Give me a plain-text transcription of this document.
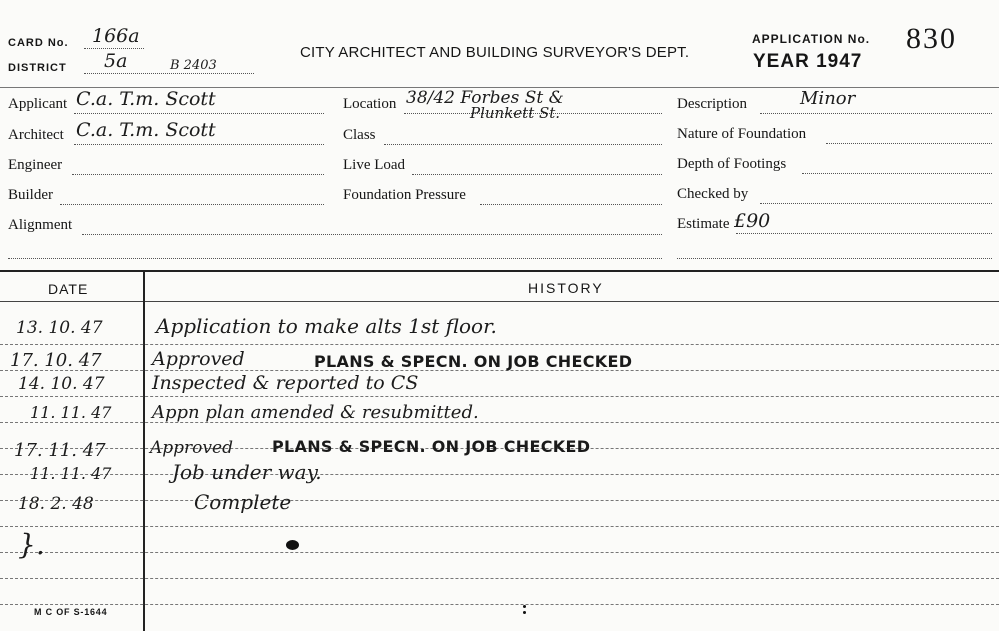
CARD No. 166a
DISTRICT 5a	B 2403
CITY ARCHITECT AND BUILDING SURVEYOR'S DEPT.
APPLICATION No. 830
YEAR 1947
Applicant C.a. T.m. Scott
Architect C.a. T.m. Scott
Engineer
Builder
Alignment
Location 38/42 Forbes St &
Plunkett St.
Class
Live Load
Foundation Pressure
Description	Minor
Nature of Foundation
Depth of Footings
Checked by
Estimate £90
DATE	HISTORY
13. 10. 47	Application to make alts 1st floor.
17. 10. 47	Approved	PLANS & SPECN. ON JOB CHECKED
14. 10. 47 Inspected & reported to CS
11. 11. 47 Appn plan amended & resubmitted.
17. 11. 47	Approved PLANS & SPECN. ON JOB CHECKED
11. 11. 47	Job under way.
18. 2. 48	Complete
}.
M C OF S-1644
